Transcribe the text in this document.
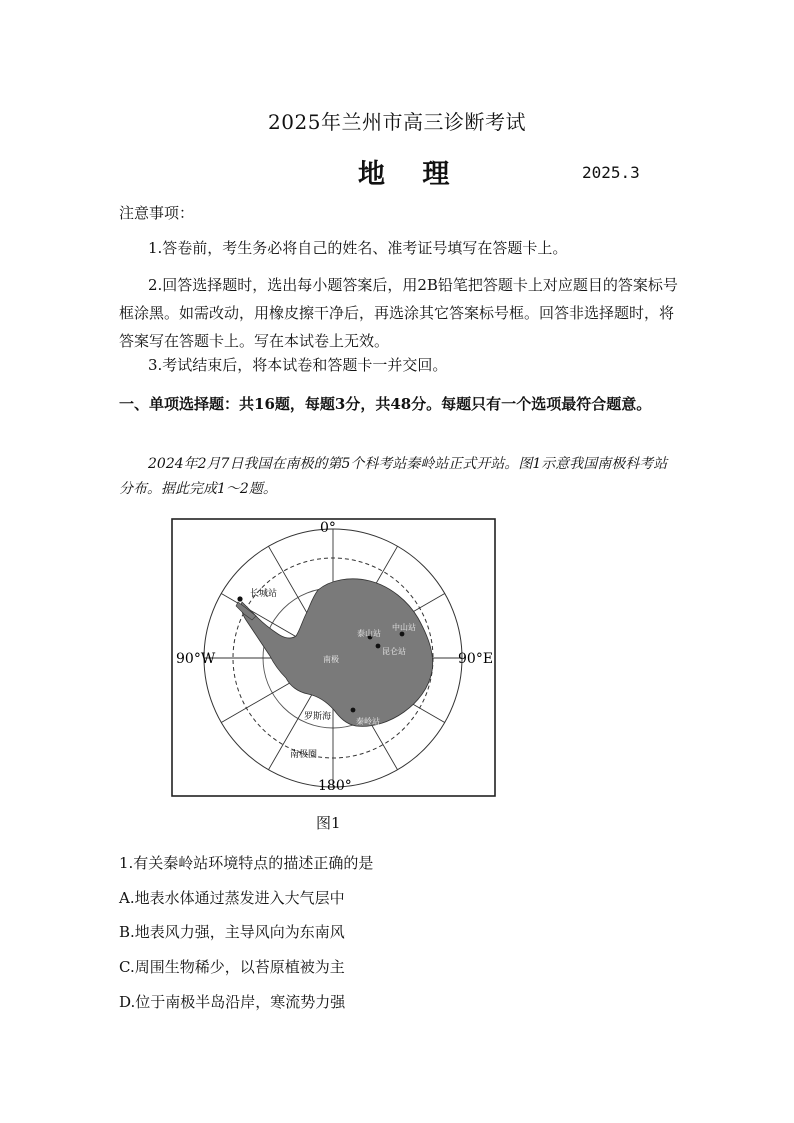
2025年兰州市高三诊断考试
地 理	2025.3
注意事项：
1.答卷前，考生务必将自己的姓名、准考证号填写在答题卡上。
2.回答选择题时，选出每小题答案后，用2B铅笔把答题卡上对应题目的答案标号框涂黑。如需改动，用橡皮擦干净后，再选涂其它答案标号框。回答非选择题时，将答案写在答题卡上。写在本试卷上无效。
3.考试结束后，将本试卷和答题卡一并交回。
一、单项选择题：共16题，每题3分，共48分。每题只有一个选项最符合题意。
2024年2月7日我国在南极的第5个科考站秦岭站正式开站。图1示意我国南极科考站分布。据此完成1～2题。
0°
180°
90°W	90°E
长城站
泰山站
中山站
昆仑站
南极
罗斯海	秦岭站
南极圈
图1
1.有关秦岭站环境特点的描述正确的是
A.地表水体通过蒸发进入大气层中
B.地表风力强，主导风向为东南风
C.周围生物稀少，以苔原植被为主
D.位于南极半岛沿岸，寒流势力强
